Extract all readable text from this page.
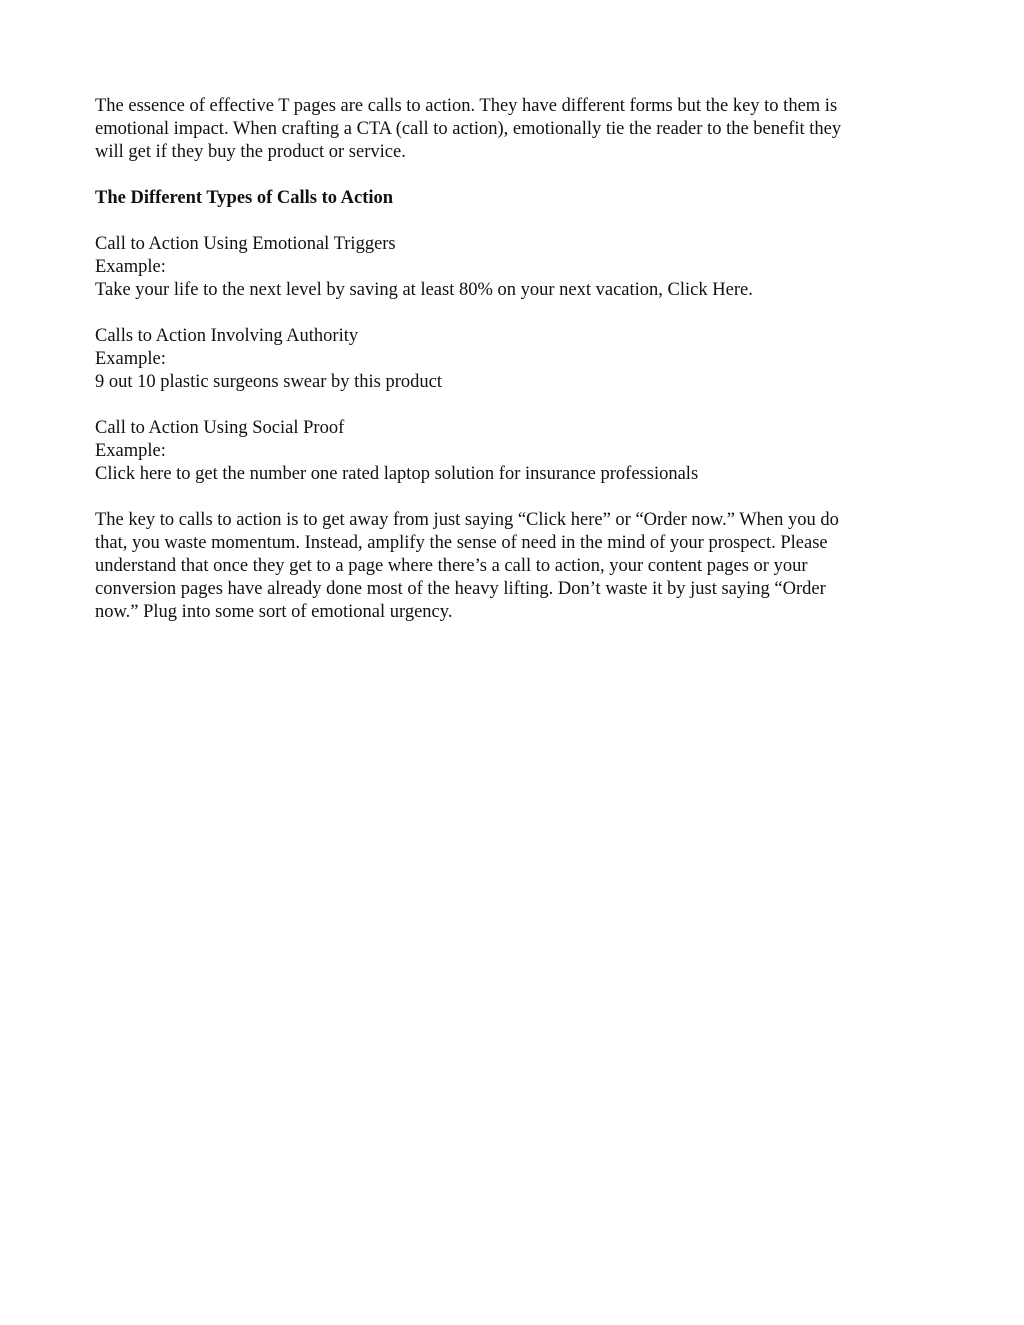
The essence of effective T pages are calls to action. They have different forms but the key to them is
emotional impact. When crafting a CTA (call to action), emotionally tie the reader to the benefit they
will get if they buy the product or service.

The Different Types of Calls to Action

Call to Action Using Emotional Triggers
Example:
Take your life to the next level by saving at least 80% on your next vacation, Click Here.
Calls to Action Involving Authority
Example:
9 out 10 plastic surgeons swear by this product
Call to Action Using Social Proof
Example:
Click here to get the number one rated laptop solution for insurance professionals

The key to calls to action is to get away from just saying “Click here” or “Order now.” When you do
that, you waste momentum. Instead, amplify the sense of need in the mind of your prospect. Please
understand that once they get to a page where there’s a call to action, your content pages or your
conversion pages have already done most of the heavy lifting. Don’t waste it by just saying “Order
now.” Plug into some sort of emotional urgency.
